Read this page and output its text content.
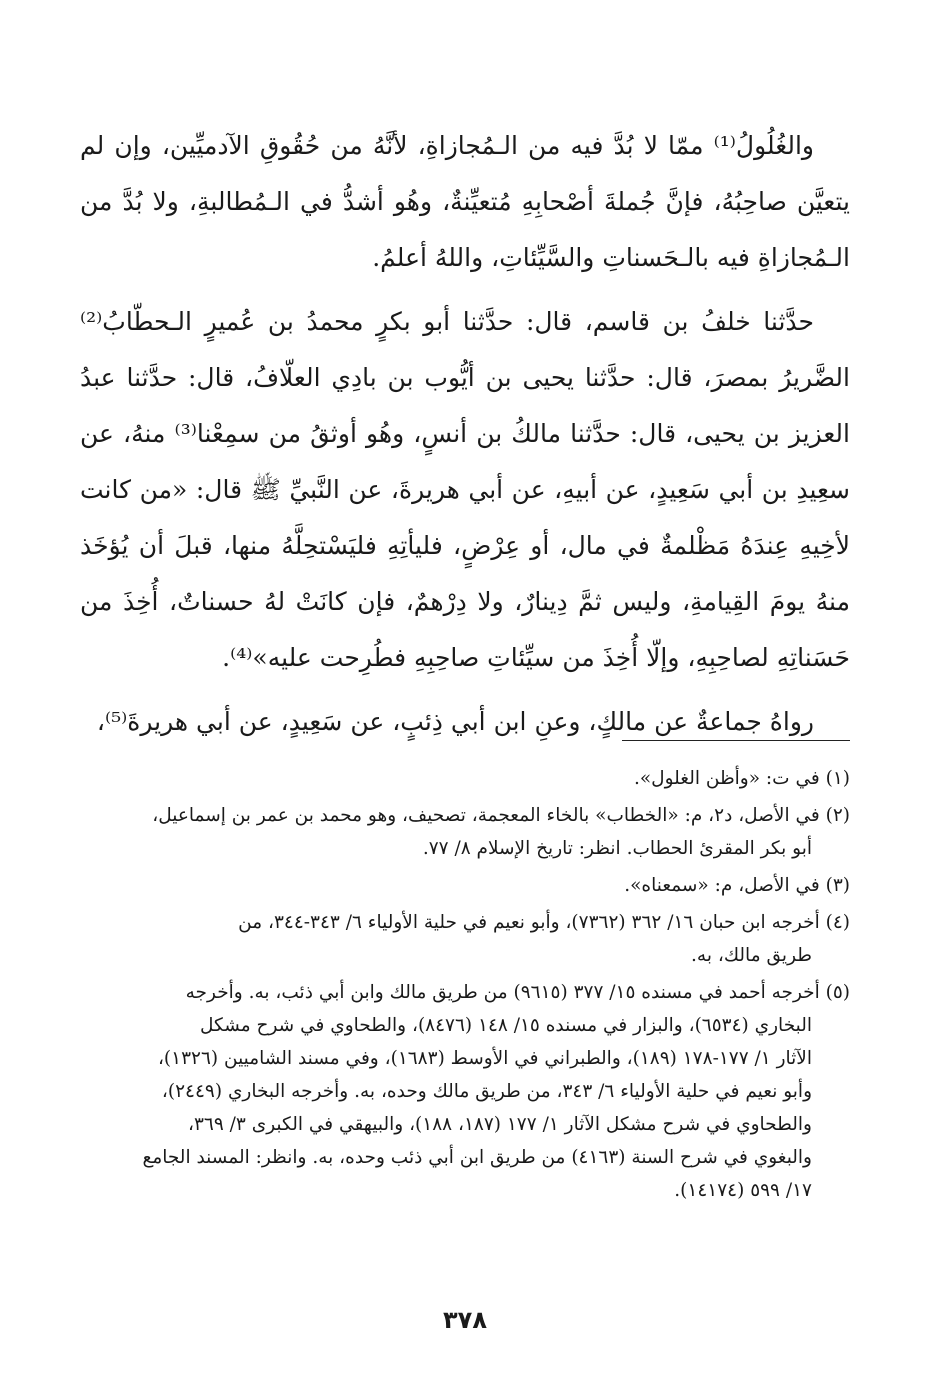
والغُلُولُ⁽¹⁾ ممّا لا بُدَّ فيه من الـمُجازاةِ، لأنَّهُ من حُقُوقِ الآدميِّين، وإن لم يتعيَّن صاحِبُهُ، فإنَّ جُملةَ أصْحابِهِ مُتعيِّنةٌ، وهُو أشدُّ في الـمُطالبةِ، ولا بُدَّ من الـمُجازاةِ فيه بالـحَسناتِ والسَّيِّئاتِ، واللهُ أعلمُ.

حدَّثنا خلفُ بن قاسم، قال: حدَّثنا أبو بكرٍ محمدُ بن عُميرٍ الـحطّابُ⁽²⁾ الضَّريرُ بمصرَ، قال: حدَّثنا يحيى بن أيُّوب بن بادِي العلّافُ، قال: حدَّثنا عبدُ العزيز بن يحيى، قال: حدَّثنا مالكُ بن أنسٍ، وهُو أوثقُ من سمِعْنا⁽³⁾ منهُ، عن سعِيدِ بن أبي سَعِيدٍ، عن أبيهِ، عن أبي هريرةَ، عن النَّبيِّ ﷺ قال: «من كانت لأخِيهِ عِندَهُ مَظْلمةٌ في مال، أو عِرْضٍ، فليأتِهِ فليَسْتحِلَّهُ منها، قبلَ أن يُؤخَذ منهُ يومَ القِيامةِ، وليس ثمَّ دِينارٌ، ولا دِرْهمٌ، فإن كانَتْ لهُ حسناتٌ، أُخِذَ من حَسَناتِهِ لصاحِبِهِ، وإلّا أُخِذَ من سيِّئاتِ صاحِبِهِ فطُرِحت عليه»⁽⁴⁾.

رواهُ جماعةٌ عن مالكٍ، وعنِ ابن أبي ذِئبٍ، عن سَعِيدٍ، عن أبي هريرةَ⁽⁵⁾،

(١) في ت: «وأظن الغلول».
(٢) في الأصل، د٢، م: «الخطاب» بالخاء المعجمة، تصحيف، وهو محمد بن عمر بن إسماعيل،
أبو بكر المقرئ الحطاب. انظر: تاريخ الإسلام ٨/ ٧٧.
(٣) في الأصل، م: «سمعناه».
(٤) أخرجه ابن حبان ١٦/ ٣٦٢ (٧٣٦٢)، وأبو نعيم في حلية الأولياء ٦/ ٣٤٣-٣٤٤، من
طريق مالك، به.
(٥) أخرجه أحمد في مسنده ١٥/ ٣٧٧ (٩٦١٥) من طريق مالك وابن أبي ذئب، به. وأخرجه
البخاري (٦٥٣٤)، والبزار في مسنده ١٥/ ١٤٨ (٨٤٧٦)، والطحاوي في شرح مشكل
الآثار ١/ ١٧٧-١٧٨ (١٨٩)، والطبراني في الأوسط (١٦٨٣)، وفي مسند الشاميين (١٣٢٦)،
وأبو نعيم في حلية الأولياء ٦/ ٣٤٣، من طريق مالك وحده، به. وأخرجه البخاري (٢٤٤٩)،
والطحاوي في شرح مشكل الآثار ١/ ١٧٧ (١٨٧، ١٨٨)، والبيهقي في الكبرى ٣/ ٣٦٩،
والبغوي في شرح السنة (٤١٦٣) من طريق ابن أبي ذئب وحده، به. وانظر: المسند الجامع
١٧/ ٥٩٩ (١٤١٧٤).
٣٧٨
